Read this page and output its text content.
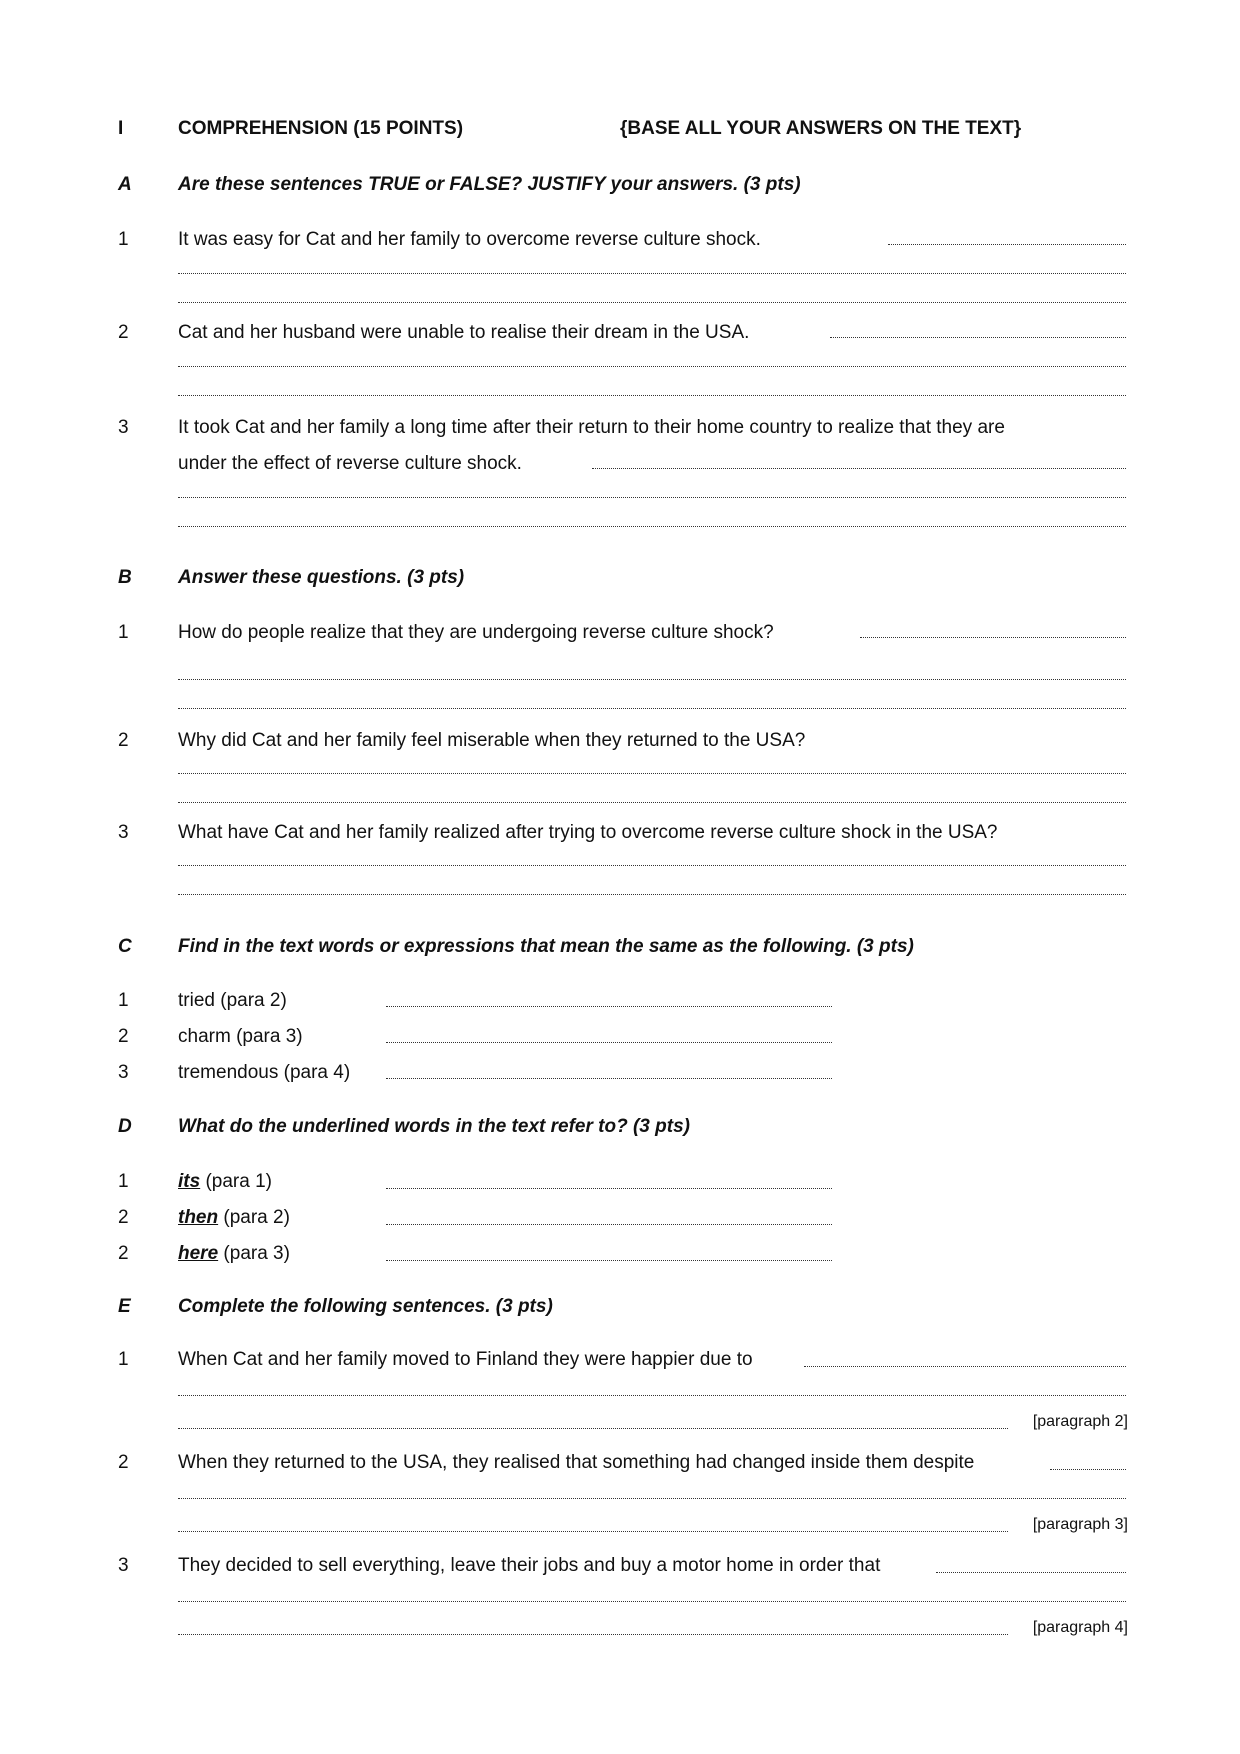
I	COMPREHENSION (15 POINTS)	{BASE ALL YOUR ANSWERS ON THE TEXT}
A Are these sentences TRUE or FALSE? JUSTIFY your answers. (3 pts)
1	It was easy for Cat and her family to overcome reverse culture shock.
2	Cat and her husband were unable to realise their dream in the USA.
3	It took Cat and her family a long time after their return to their home country to realize that they are
under the effect of reverse culture shock.
B Answer these questions. (3 pts)
1	How do people realize that they are undergoing reverse culture shock?
2	Why did Cat and her family feel miserable when they returned to the USA?
3	What have Cat and her family realized after trying to overcome reverse culture shock in the USA?
C Find in the text words or expressions that mean the same as the following. (3 pts)
1	tried (para 2)
2	charm (para 3)
3	tremendous (para 4)
D What do the underlined words in the text refer to? (3 pts)
1	its (para 1)
2	then (para 2)
2	here (para 3)
E Complete the following sentences. (3 pts)
1	When Cat and her family moved to Finland they were happier due to
[paragraph 2]
2	When they returned to the USA, they realised that something had changed inside them despite
[paragraph 3]
3	They decided to sell everything, leave their jobs and buy a motor home in order that
[paragraph 4]
